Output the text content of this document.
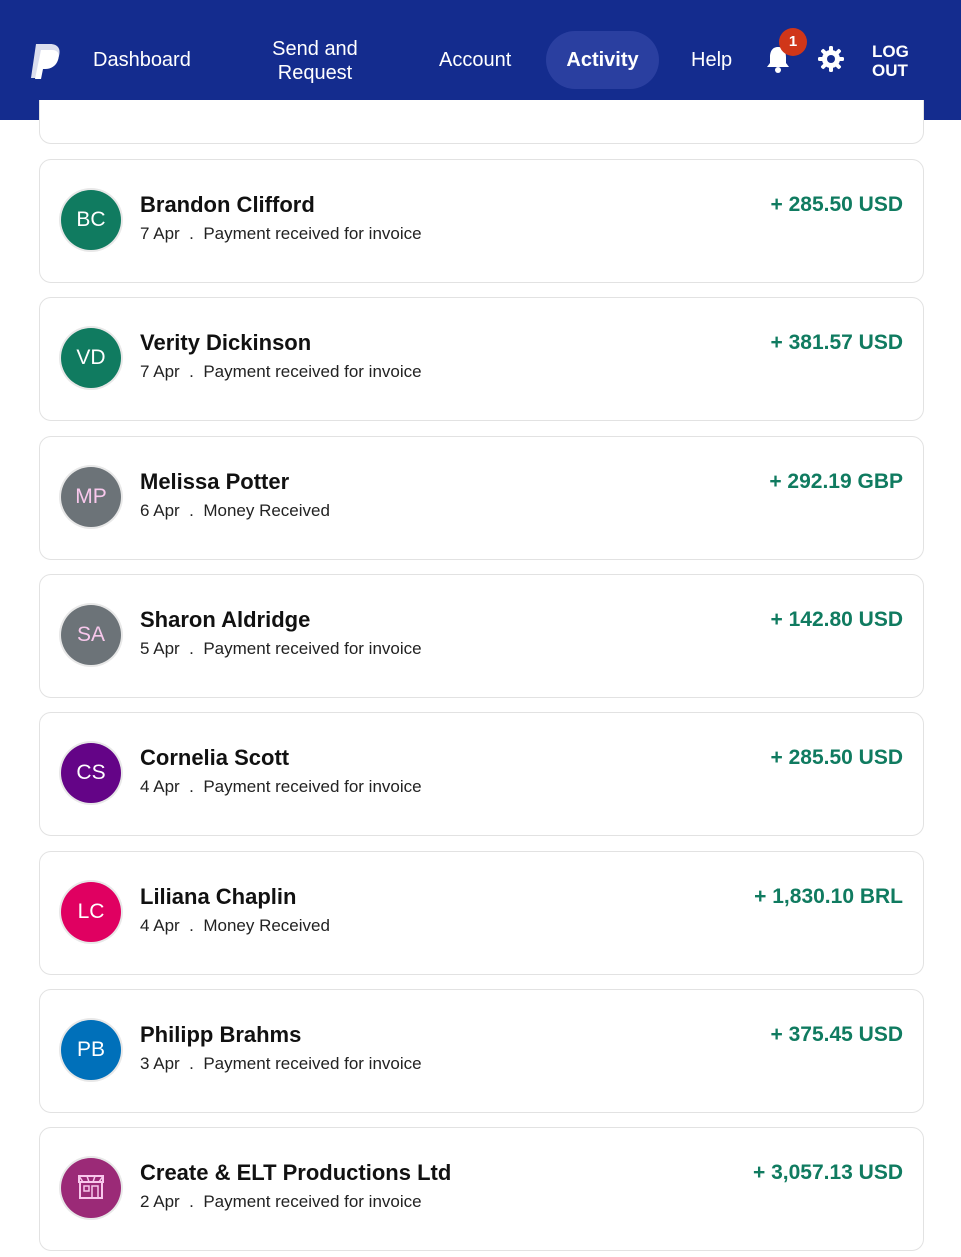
Dashboard	Send and
Request
Account	Activity	Help
1
LOG
OUT
BC
Brandon Clifford
7 Apr  .  Payment received for invoice
+ 285.50 USD
VD
Verity Dickinson
7 Apr  .  Payment received for invoice
+ 381.57 USD
MP
Melissa Potter
6 Apr  .  Money Received
+ 292.19 GBP
SA
Sharon Aldridge
5 Apr  .  Payment received for invoice
+ 142.80 USD
CS
Cornelia Scott
4 Apr  .  Payment received for invoice
+ 285.50 USD
LC
Liliana Chaplin
4 Apr  .  Money Received
+ 1,830.10 BRL
PB
Philipp Brahms
3 Apr  .  Payment received for invoice
+ 375.45 USD
Create & ELT Productions Ltd
2 Apr  .  Payment received for invoice
+ 3,057.13 USD
